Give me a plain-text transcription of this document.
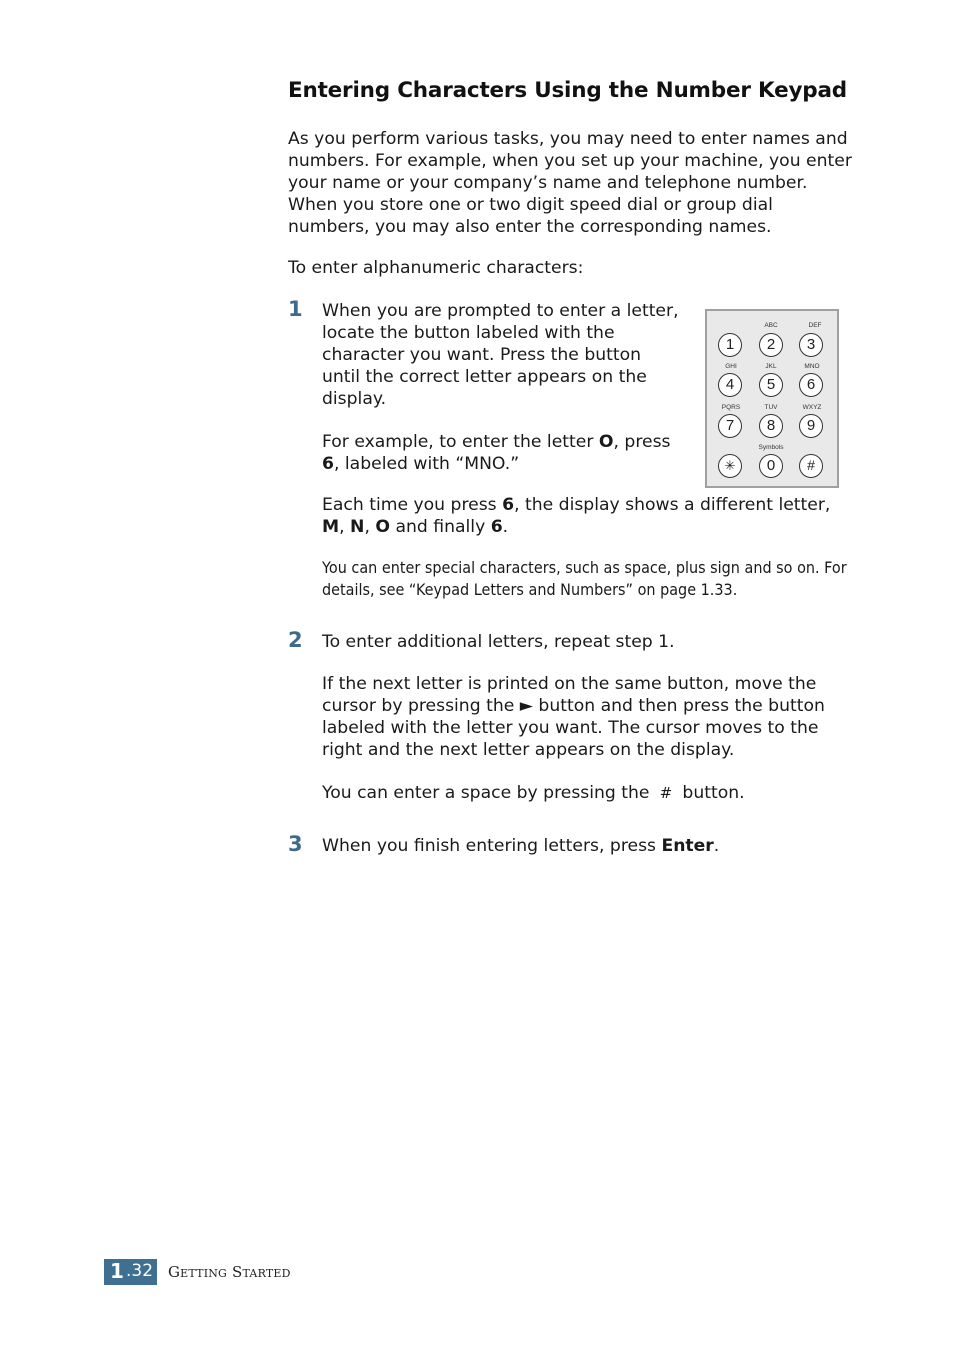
Entering Characters Using the Number Keypad

As you perform various tasks, you may need to enter names and numbers. For example, when you set up your machine, you enter your name or your company’s name and telephone number. When you store one or two digit speed dial or group dial numbers, you may also enter the corresponding names.

To enter alphanumeric characters:

1 When you are prompted to enter a letter, locate the button labeled with the character you want. Press the button until the correct letter appears on the display.

For example, to enter the letter O, press 6, labeled with “MNO.”

Each time you press 6, the display shows a different letter, M, N, O and finally 6.

You can enter special characters, such as space, plus sign and so on. For details, see “Keypad Letters and Numbers” on page 1.33.

ABC	DEF
1	2	3
GHI	JKL	MNO
4	5	6
PQRS	TUV	WXYZ
7	8	9
Symbols
✳	0	#
2 To enter additional letters, repeat step 1.

If the next letter is printed on the same button, move the cursor by pressing the ► button and then press the button labeled with the letter you want. The cursor moves to the right and the next letter appears on the display.

You can enter a space by pressing the # button.

3 When you finish entering letters, press Enter.

1 .32 Getting Started
